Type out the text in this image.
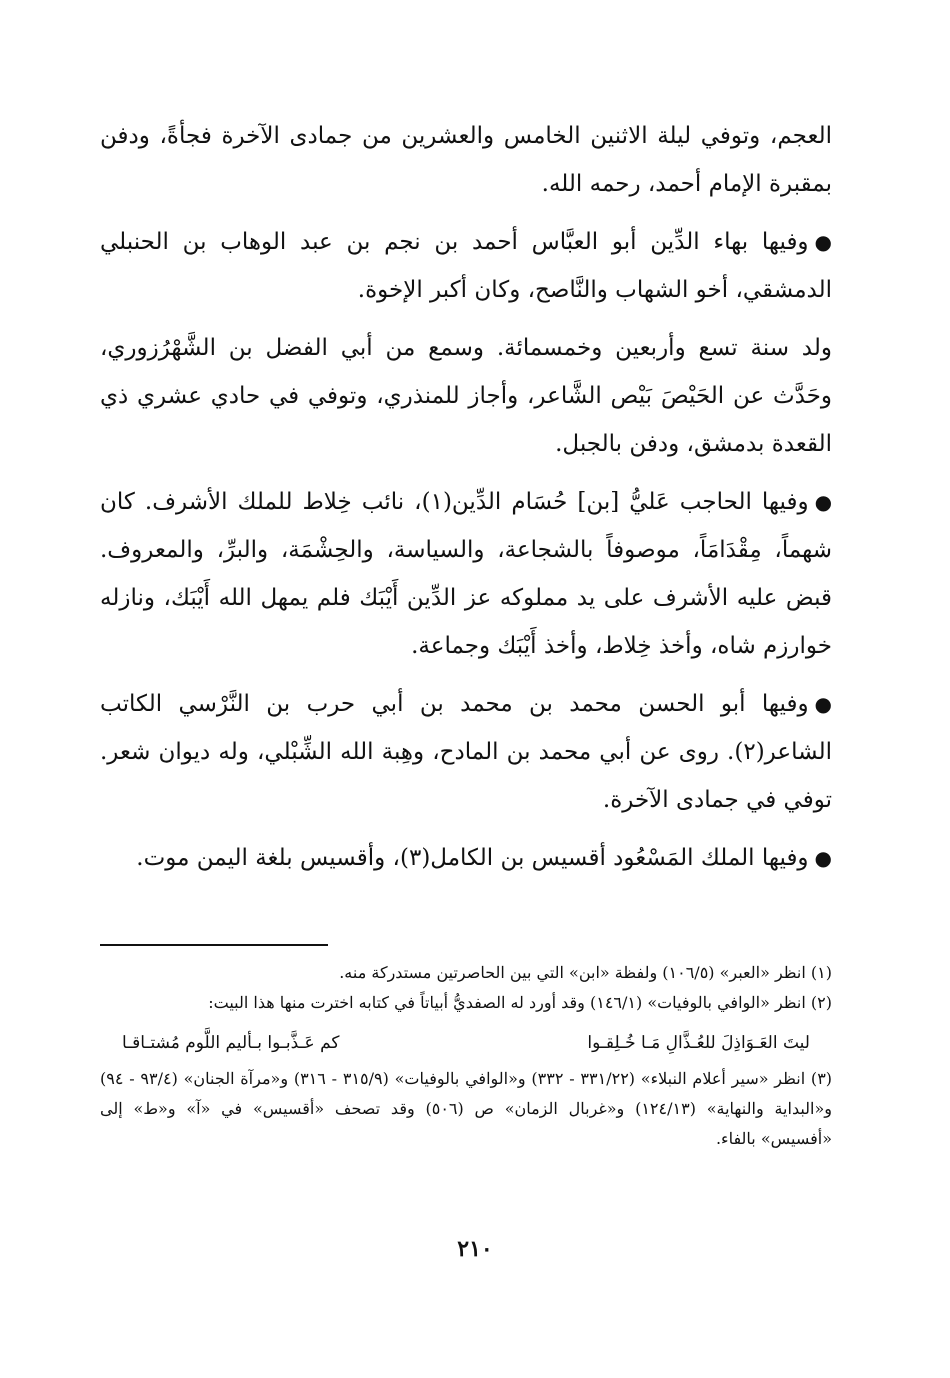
العجم، وتوفي ليلة الاثنين الخامس والعشرين من جمادى الآخرة فجأةً، ودفن بمقبرة الإمام أحمد، رحمه الله.

●وفيها بهاء الدِّين أبو العبَّاس أحمد بن نجم بن عبد الوهاب بن الحنبلي الدمشقي، أخو الشهاب والنَّاصح، وكان أكبر الإخوة.

ولد سنة تسع وأربعين وخمسمائة. وسمع من أبي الفضل بن الشَّهْرُزوري، وحَدَّث عن الحَيْصَ بَيْص الشَّاعر، وأجاز للمنذري، وتوفي في حادي عشري ذي القعدة بدمشق، ودفن بالجبل.

●وفيها الحاجب عَليُّ [بن] حُسَام الدِّين(١)، نائب خِلاط للملك الأشرف. كان شهماً، مِقْدَامَاً، موصوفاً بالشجاعة، والسياسة، والحِشْمَة، والبرِّ، والمعروف. قبض عليه الأشرف على يد مملوكه عز الدِّين أَيْبَك فلم يمهل الله أَيْبَك، ونازله خوارزم شاه، وأخذ خِلاط، وأخذ أَيْبَك وجماعة.

●وفيها أبو الحسن محمد بن محمد بن أبي حرب بن النَّرْسي الكاتب الشاعر(٢). روى عن أبي محمد بن المادح، وهِبة الله الشِّبْلي، وله ديوان شعر. توفي في جمادى الآخرة.

●وفيها الملك المَسْعُود أقسيس بن الكامل(٣)، وأقسيس بلغة اليمن موت.

(١) انظر «العبر» (١٠٦/٥) ولفظة «ابن» التي بين الحاصرتين مستدركة منه.

(٢) انظر «الوافي بالوفيات» (١٤٦/١) وقد أورد له الصفديُّ أبياتاً في كتابه اخترت منها هذا البيت:

ليتَ العَـوَاذِلَ للعُـذَّالِ مَـا خُـلِقـوا
كم عَـذَّبـوا بـأليم اللَّوم مُشتـاقـا

(٣) انظر «سير أعلام النبلاء» (٣٣١/٢٢ - ٣٣٢) و«الوافي بالوفيات» (٣١٥/٩ - ٣١٦) و«مرآة الجنان» (٩٣/٤ - ٩٤) و«البداية والنهاية» (١٢٤/١٣) و«غربال الزمان» ص (٥٠٦) وقد تصحف «أقسيس» في «آ» و«ط» إلى «أفسيس» بالفاء.

٢١٠
